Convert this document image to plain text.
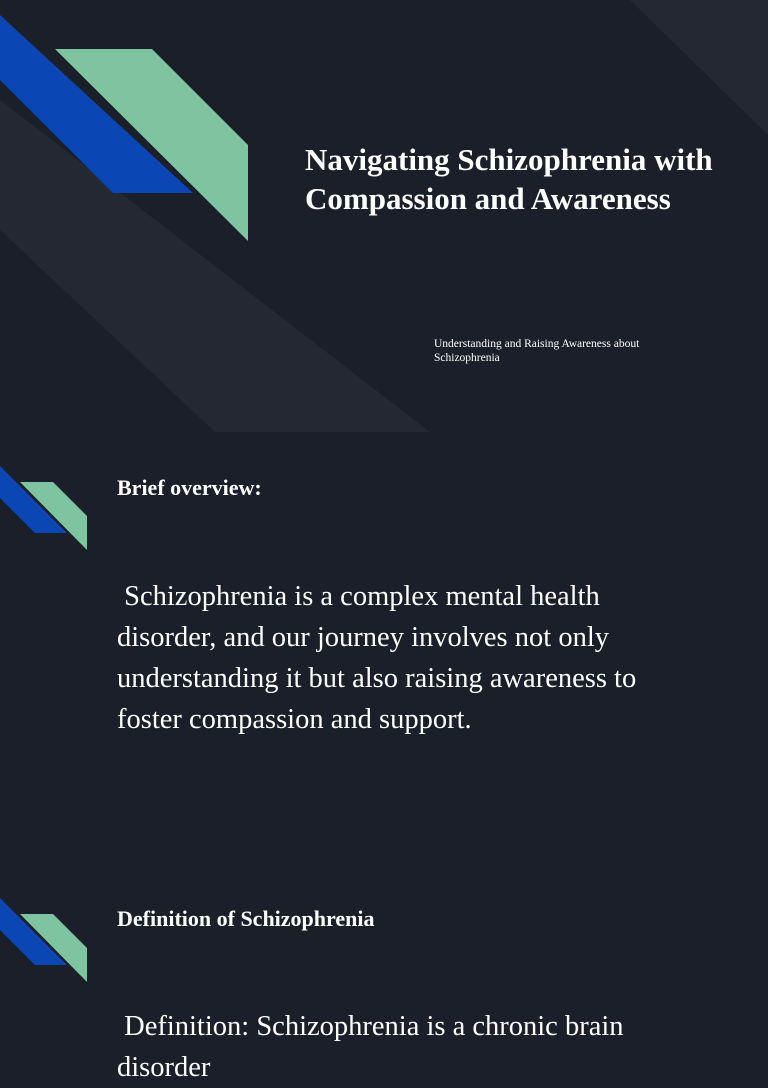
Navigating Schizophrenia with Compassion and Awareness

Understanding and Raising Awareness about Schizophrenia

Brief overview:

Schizophrenia is a complex mental health disorder, and our journey involves not only understanding it but also raising awareness to foster compassion and support.

Definition of Schizophrenia

Definition: Schizophrenia is a chronic brain disorder
